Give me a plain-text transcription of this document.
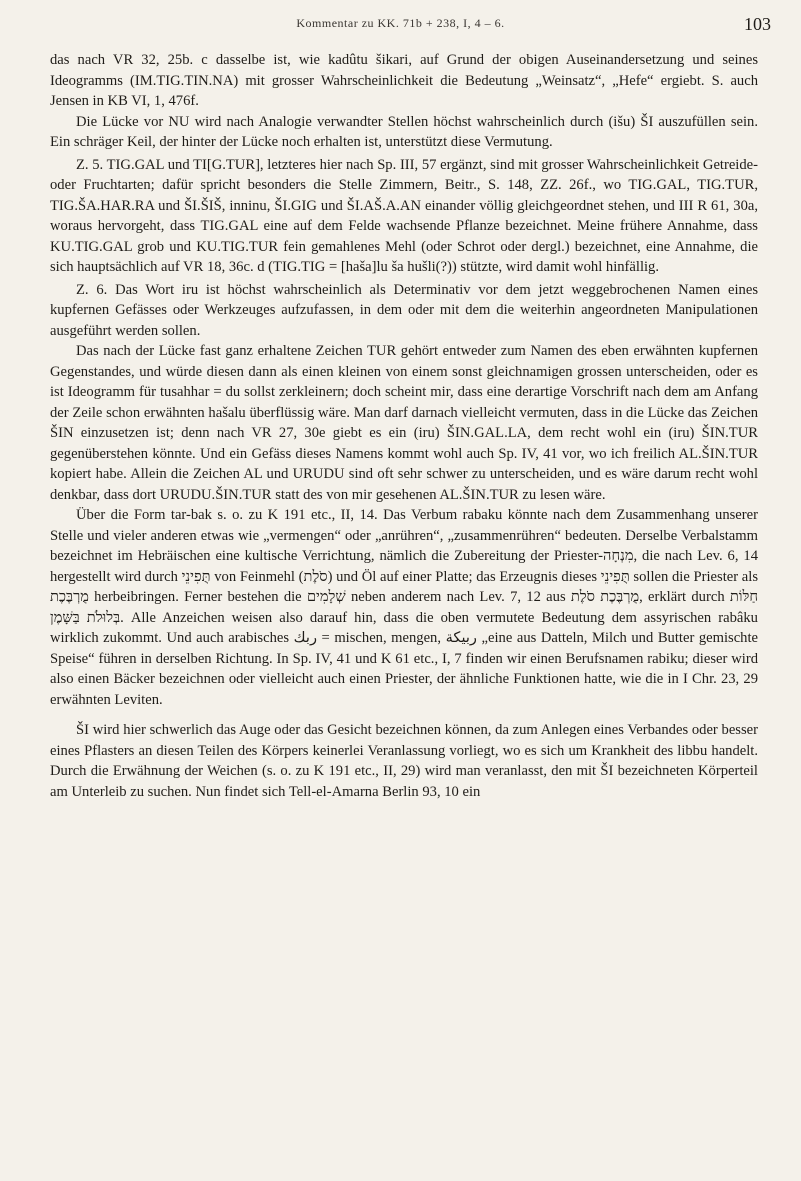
Kommentar zu KK. 71b + 238, I, 4 – 6.	103

das nach VR 32, 25b. c dasselbe ist, wie kadûtu šikari, auf Grund der obigen Auseinandersetzung und seines Ideogramms (IM.TIG.TIN.NA) mit grosser Wahrscheinlichkeit die Bedeutung „Weinsatz“, „Hefe“ ergiebt. S. auch Jensen in KB VI, 1, 476f.

Die Lücke vor NU wird nach Analogie verwandter Stellen höchst wahrscheinlich durch (išu) ŠI auszufüllen sein. Ein schräger Keil, der hinter der Lücke noch erhalten ist, unterstützt diese Vermutung.

Z. 5. TIG.GAL und TI[G.TUR], letzteres hier nach Sp. III, 57 ergänzt, sind mit grosser Wahrscheinlichkeit Getreide- oder Fruchtarten; dafür spricht besonders die Stelle Zimmern, Beitr., S. 148, ZZ. 26f., wo TIG.GAL, TIG.TUR, TIG.ŠA.HAR.RA und ŠI.ŠIŠ, inninu, ŠI.GIG und ŠI.AŠ.A.AN einander völlig gleichgeordnet stehen, und III R 61, 30a, woraus hervorgeht, dass TIG.GAL eine auf dem Felde wachsende Pflanze bezeichnet. Meine frühere Annahme, dass KU.TIG.GAL grob und KU.TIG.TUR fein gemahlenes Mehl (oder Schrot oder dergl.) bezeichnet, eine Annahme, die sich hauptsächlich auf VR 18, 36c. d (TIG.TIG = [haša]lu ša hušli(?)) stützte, wird damit wohl hinfällig.

Z. 6. Das Wort iru ist höchst wahrscheinlich als Determinativ vor dem jetzt weggebrochenen Namen eines kupfernen Gefässes oder Werkzeuges aufzufassen, in dem oder mit dem die weiterhin angeordneten Manipulationen ausgeführt werden sollen.

Das nach der Lücke fast ganz erhaltene Zeichen TUR gehört entweder zum Namen des eben erwähnten kupfernen Gegenstandes, und würde diesen dann als einen kleinen von einem sonst gleichnamigen grossen unterscheiden, oder es ist Ideogramm für tusahhar = du sollst zerkleinern; doch scheint mir, dass eine derartige Vorschrift nach dem am Anfang der Zeile schon erwähnten hašalu überflüssig wäre. Man darf darnach vielleicht vermuten, dass in die Lücke das Zeichen ŠIN einzusetzen ist; denn nach VR 27, 30e giebt es ein (iru) ŠIN.GAL.LA, dem recht wohl ein (iru) ŠIN.TUR gegenüberstehen könnte. Und ein Gefäss dieses Namens kommt wohl auch Sp. IV, 41 vor, wo ich freilich AL.ŠIN.TUR kopiert habe. Allein die Zeichen AL und URUDU sind oft sehr schwer zu unterscheiden, und es wäre darum recht wohl denkbar, dass dort URUDU.ŠIN.TUR statt des von mir gesehenen AL.ŠIN.TUR zu lesen wäre.

Über die Form tar-bak s. o. zu K 191 etc., II, 14. Das Verbum rabaku könnte nach dem Zusammenhang unserer Stelle und vieler anderen etwas wie „vermengen“ oder „anrühren“, „zusammenrühren“ bedeuten. Derselbe Verbalstamm bezeichnet im Hebräischen eine kultische Verrichtung, nämlich die Zubereitung der Priester-מִנְחָה, die nach Lev. 6, 14 hergestellt wird durch תֻּפִינֵי von Feinmehl (סֹלֶת) und Öl auf einer Platte; das Erzeugnis dieses תֻּפִינֵי sollen die Priester als מֻרְבֶּכֶת herbeibringen. Ferner bestehen die שְׁלָמִים neben anderem nach Lev. 7, 12 aus מֻרְבֶּכֶת סֹלֶת, erklärt durch חַלּוֹת בְּלוּלֹת בַּשָּׁמֶן. Alle Anzeichen weisen also darauf hin, dass die oben vermutete Bedeutung dem assyrischen rabâku wirklich zukommt. Und auch arabisches ربك = mischen, mengen, ربيكة „eine aus Datteln, Milch und Butter gemischte Speise“ führen in derselben Richtung. In Sp. IV, 41 und K 61 etc., I, 7 finden wir einen Berufsnamen rabiku; dieser wird also einen Bäcker bezeichnen oder vielleicht auch einen Priester, der ähnliche Funktionen hatte, wie die in I Chr. 23, 29 erwähnten Leviten.

ŠI wird hier schwerlich das Auge oder das Gesicht bezeichnen können, da zum Anlegen eines Verbandes oder besser eines Pflasters an diesen Teilen des Körpers keinerlei Veranlassung vorliegt, wo es sich um Krankheit des libbu handelt. Durch die Erwähnung der Weichen (s. o. zu K 191 etc., II, 29) wird man veranlasst, den mit ŠI bezeichneten Körperteil am Unterleib zu suchen. Nun findet sich Tell-el-Amarna Berlin 93, 10 ein
